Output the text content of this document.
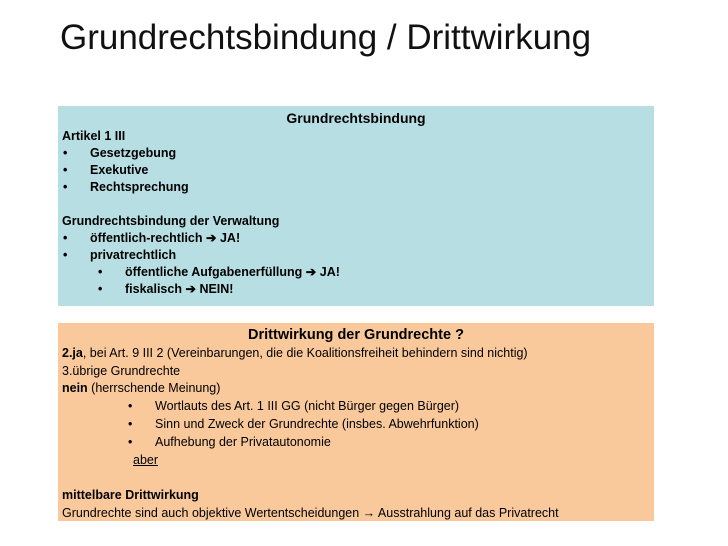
Grundrechtsbindung / Drittwirkung
Grundrechtsbindung
Artikel 1 III
•	Gesetzgebung
•	Exekutive
•	Rechtsprechung
Grundrechtsbindung der Verwaltung
•	öffentlich-rechtlich
➔
JA!
•	privatrechtlich
•	öffentliche Aufgabenerfüllung
➔
JA!
•	fiskalisch
➔
NEIN!
Drittwirkung der Grundrechte ?
2.ja, bei Art. 9 III 2 (Vereinbarungen, die die Koalitionsfreiheit behindern sind nichtig)
3.übrige Grundrechte
nein (herrschende Meinung)
•	Wortlauts des Art. 1 III GG (nicht Bürger gegen Bürger)
•	Sinn und Zweck der Grundrechte (insbes. Abwehrfunktion)
•	Aufhebung der Privatautonomie
aber
mittelbare Drittwirkung
Grundrechte sind auch objektive Wertentscheidungen → Ausstrahlung auf das Privatrecht
